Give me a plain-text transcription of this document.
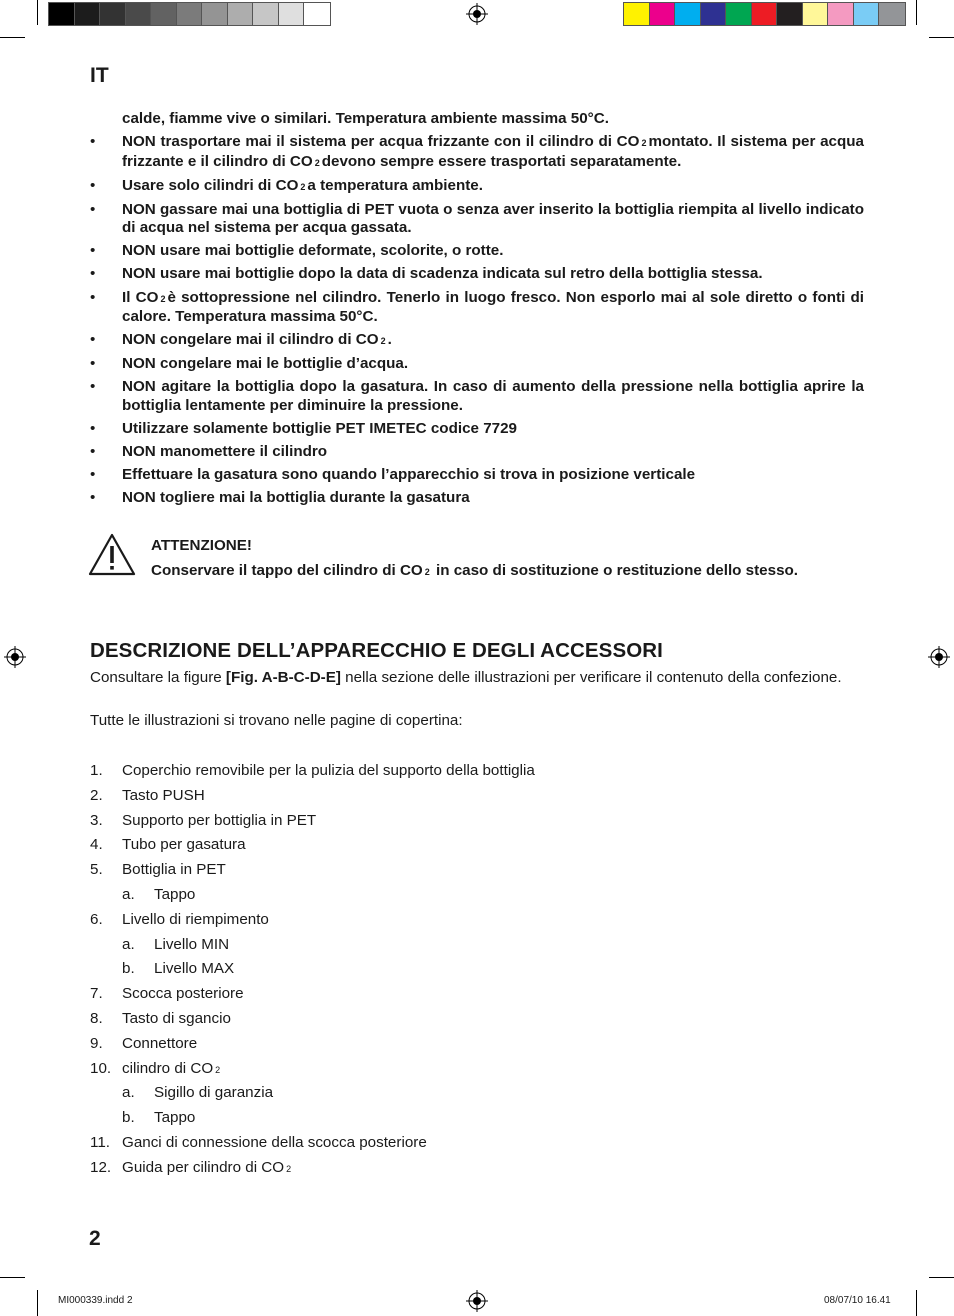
IT
calde, fiamme vive o similari. Temperatura ambiente massima 50°C.
• NON trasportare mai il sistema per acqua frizzante con il cilindro di CO 2 montato. Il sistema per acqua frizzante e il cilindro di CO 2 devono sempre essere trasportati separatamente.
• Usare solo cilindri di CO 2 a temperatura ambiente.
• NON gassare mai una bottiglia di PET vuota o senza aver inserito la bottiglia riempita al livello indicato di acqua nel sistema per acqua gassata.
• NON usare mai bottiglie deformate, scolorite, o rotte.
• NON usare mai bottiglie dopo la data di scadenza indicata sul retro della bottiglia stessa.
• Il CO 2 è sottopressione nel cilindro. Tenerlo in luogo fresco. Non esporlo mai al sole diretto o fonti di calore. Temperatura massima 50°C.
• NON congelare mai il cilindro di CO 2 .
• NON congelare mai le bottiglie d’acqua.
• NON agitare la bottiglia dopo la gasatura. In caso di aumento della pressione nella bottiglia aprire la bottiglia lentamente per diminuire la pressione.
• Utilizzare solamente bottiglie PET IMETEC codice 7729
• NON manomettere il cilindro
• Effettuare la gasatura sono quando l’apparecchio si trova in posizione verticale
• NON togliere mai la bottiglia durante la gasatura
ATTENZIONE!
Conservare il tappo del cilindro di CO 2 in caso di sostituzione o restituzione dello stesso.
DESCRIZIONE DELL’APPARECCHIO E DEGLI ACCESSORI
Consultare la figure [Fig. A-B-C-D-E] nella sezione delle illustrazioni per verificare il contenuto della confezione.
Tutte le illustrazioni si trovano nelle pagine di copertina:
1. Coperchio removibile per la pulizia del supporto della bottiglia
2. Tasto PUSH
3. Supporto per bottiglia in PET
4. Tubo per gasatura
5. Bottiglia in PET
a. Tappo
6. Livello di riempimento
a. Livello MIN
b. Livello MAX
7. Scocca posteriore
8. Tasto di sgancio
9. Connettore
10. cilindro di CO 2
a. Sigillo di garanzia
b. Tappo
11. Ganci di connessione della scocca posteriore
12. Guida per cilindro di CO 2
2
MI000339.indd 2	08/07/10 16.41
